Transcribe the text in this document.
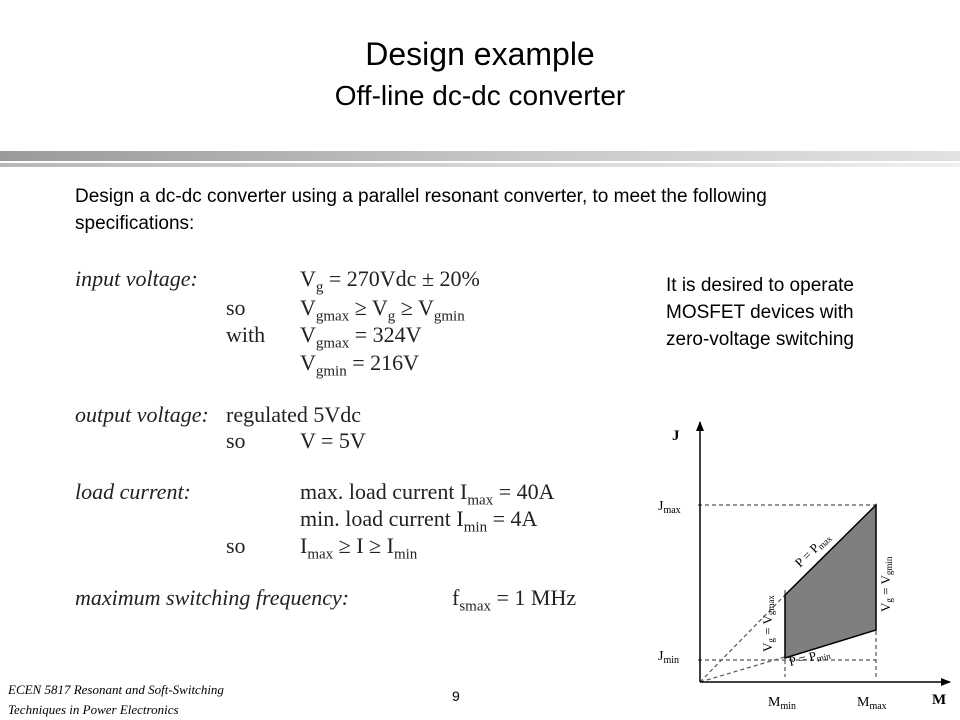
Design example
Off-line dc-dc converter
Design a dc-dc converter using a parallel resonant converter, to meet the following specifications:
It is desired to operate MOSFET devices with zero-voltage switching
input voltage:	$V_g = 270Vdc \pm 20\%$
so $V_{gmax} \ge V_g \ge V_{gmin}$
with $V_{gmax} = 324V$
$V_{gmin} = 216V$
output voltage: regulated 5Vdc
so V = 5V
load current:	max. load current $I_{max} = 40A$
min. load current $I_{min} = 4A$
so $I_{max} \ge I \ge I_{min}$
maximum switching frequency:	$f_{smax} = 1$ MHz
J
M
$J_{max}$
$J_{min}$
$M_{min}$	$M_{max}$
P = Pmax
P = Pmin
Vg = Vgmax	Vg = Vgmin
ECEN 5817 Resonant and Soft-Switching
Techniques in Power Electronics
9
